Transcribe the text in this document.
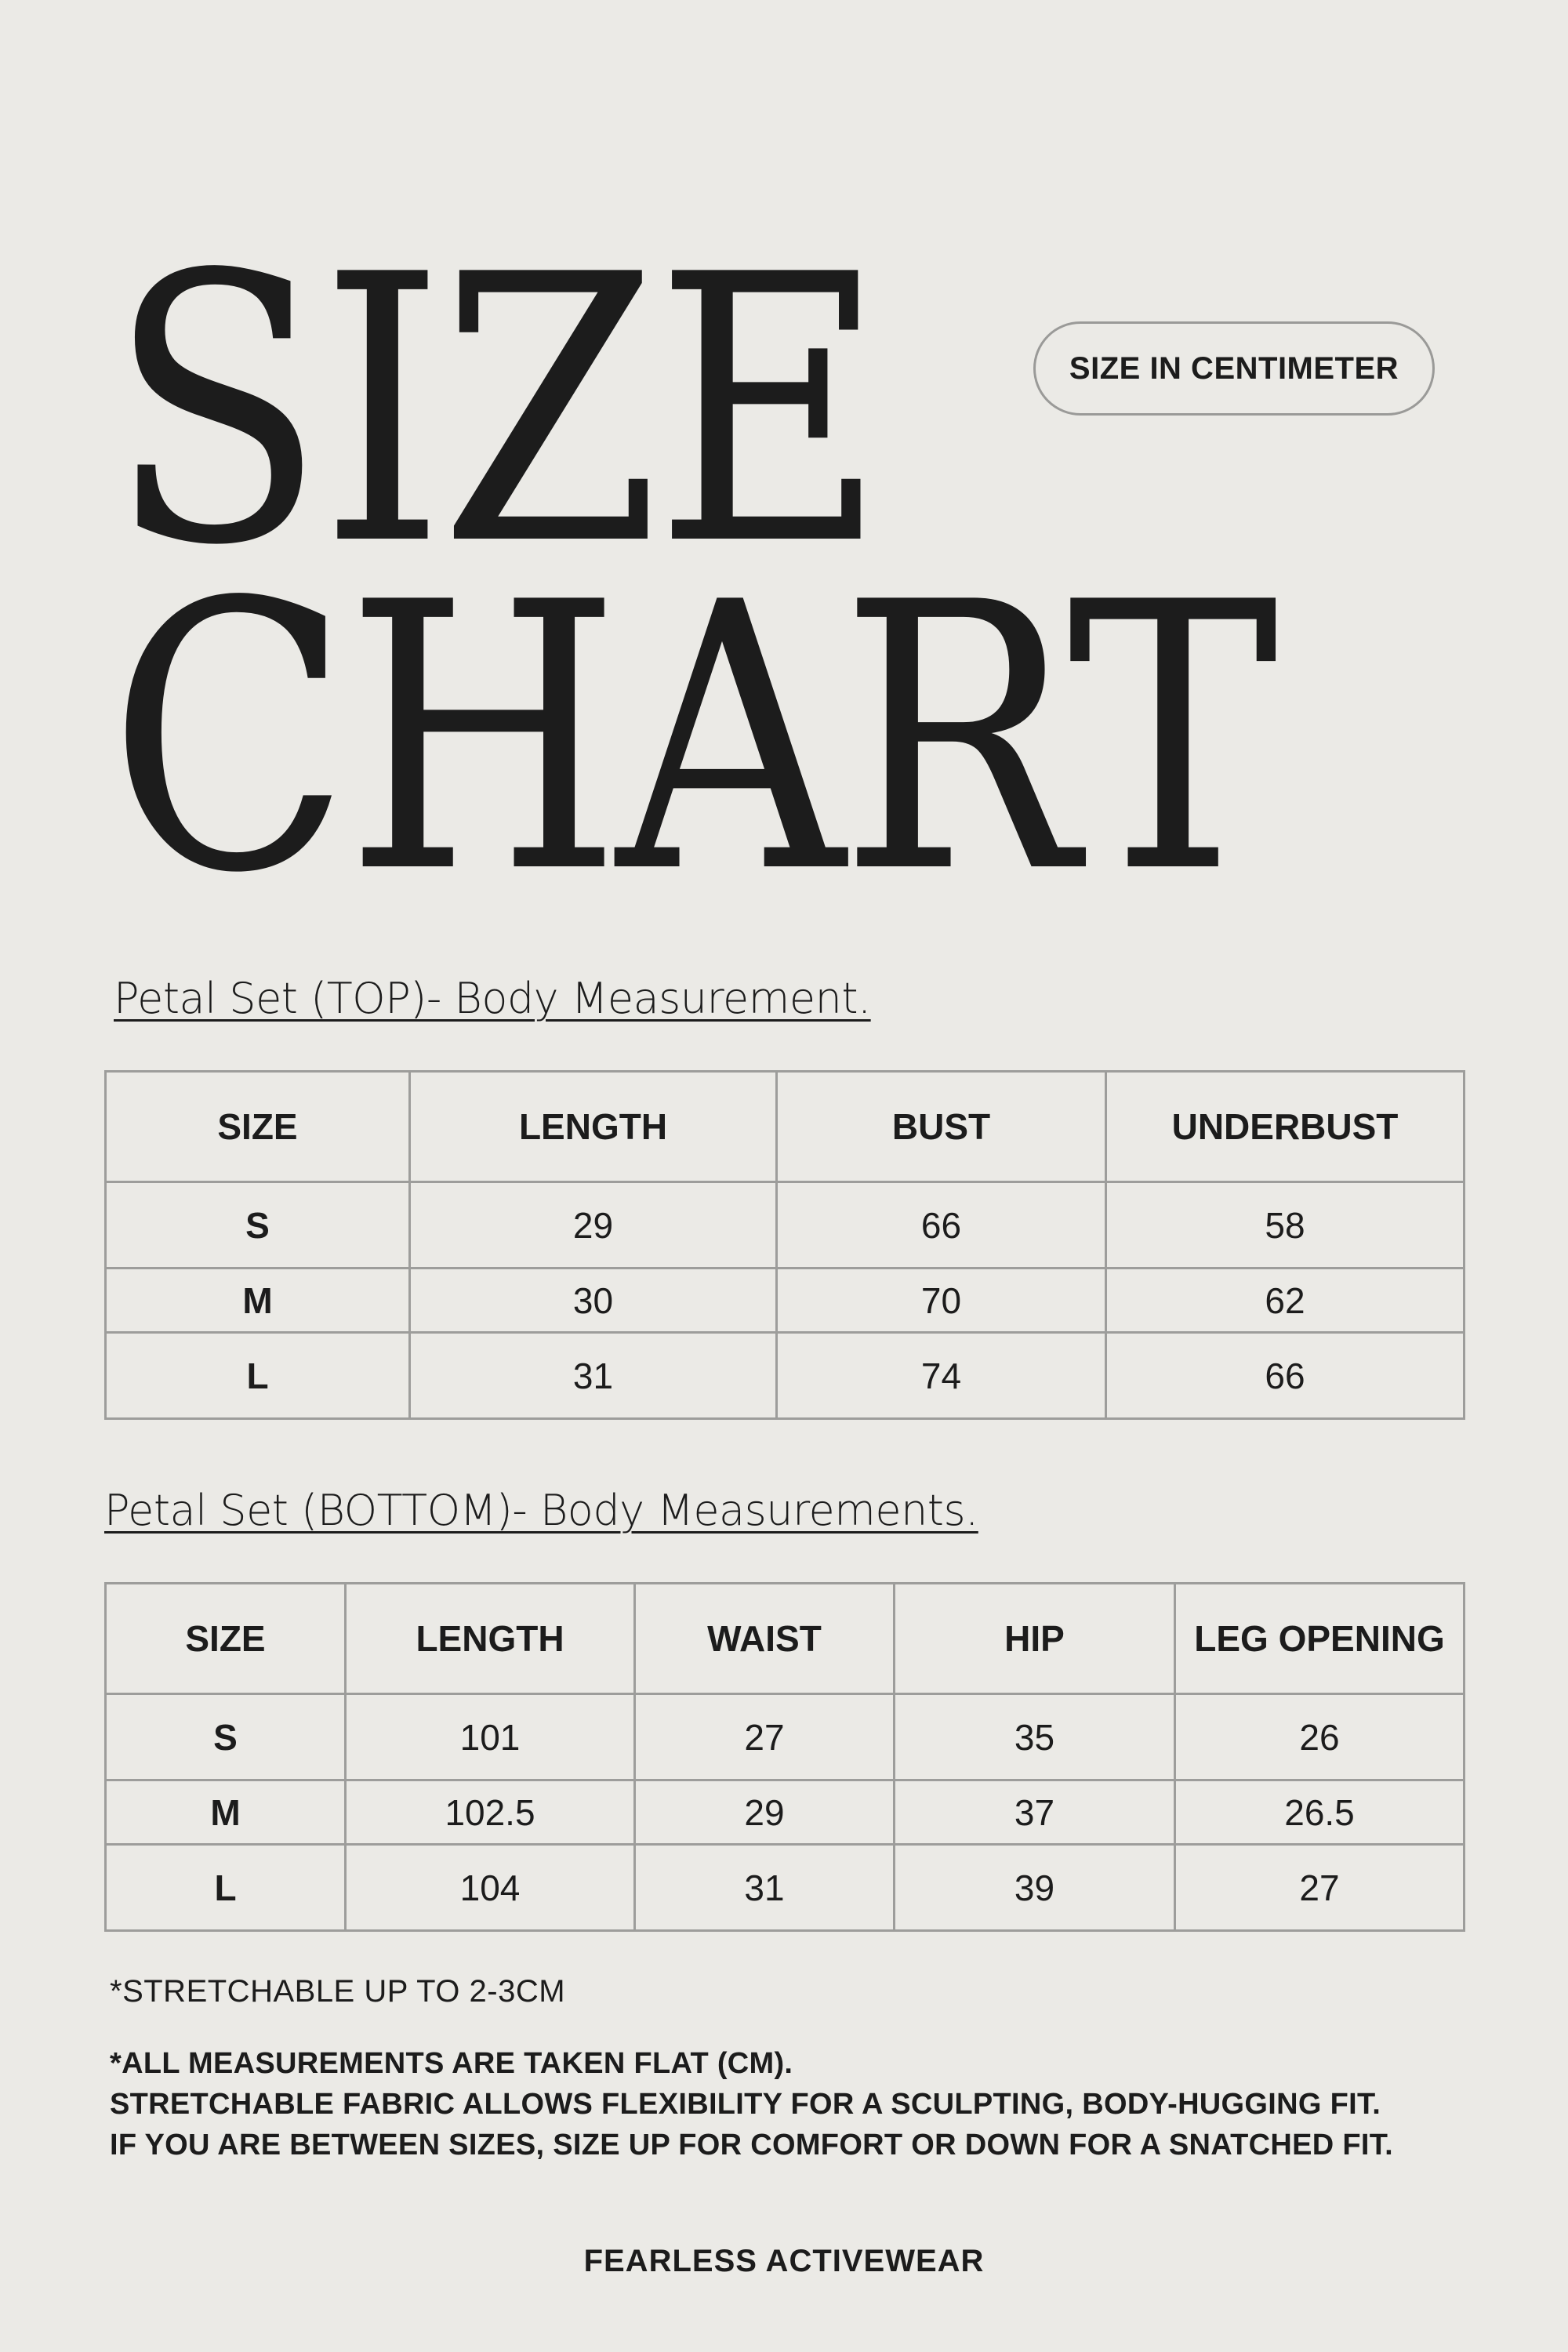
SIZE
CHART
SIZE IN CENTIMETER
Petal Set (TOP)- Body Measurement.
SIZE	LENGTH	BUST	UNDERBUST
S	29	66	58
M	30	70	62
L	31	74	66
Petal Set (BOTTOM)- Body Measurements.
SIZE	LENGTH	WAIST	HIP	LEG OPENING
S	101	27	35	26
M	102.5	29	37	26.5
L	104	31	39	27
*STRETCHABLE UP TO 2-3CM
*ALL MEASUREMENTS ARE TAKEN FLAT (CM).
STRETCHABLE FABRIC ALLOWS FLEXIBILITY FOR A SCULPTING, BODY-HUGGING FIT.
IF YOU ARE BETWEEN SIZES, SIZE UP FOR COMFORT OR DOWN FOR A SNATCHED FIT.
FEARLESS ACTIVEWEAR
